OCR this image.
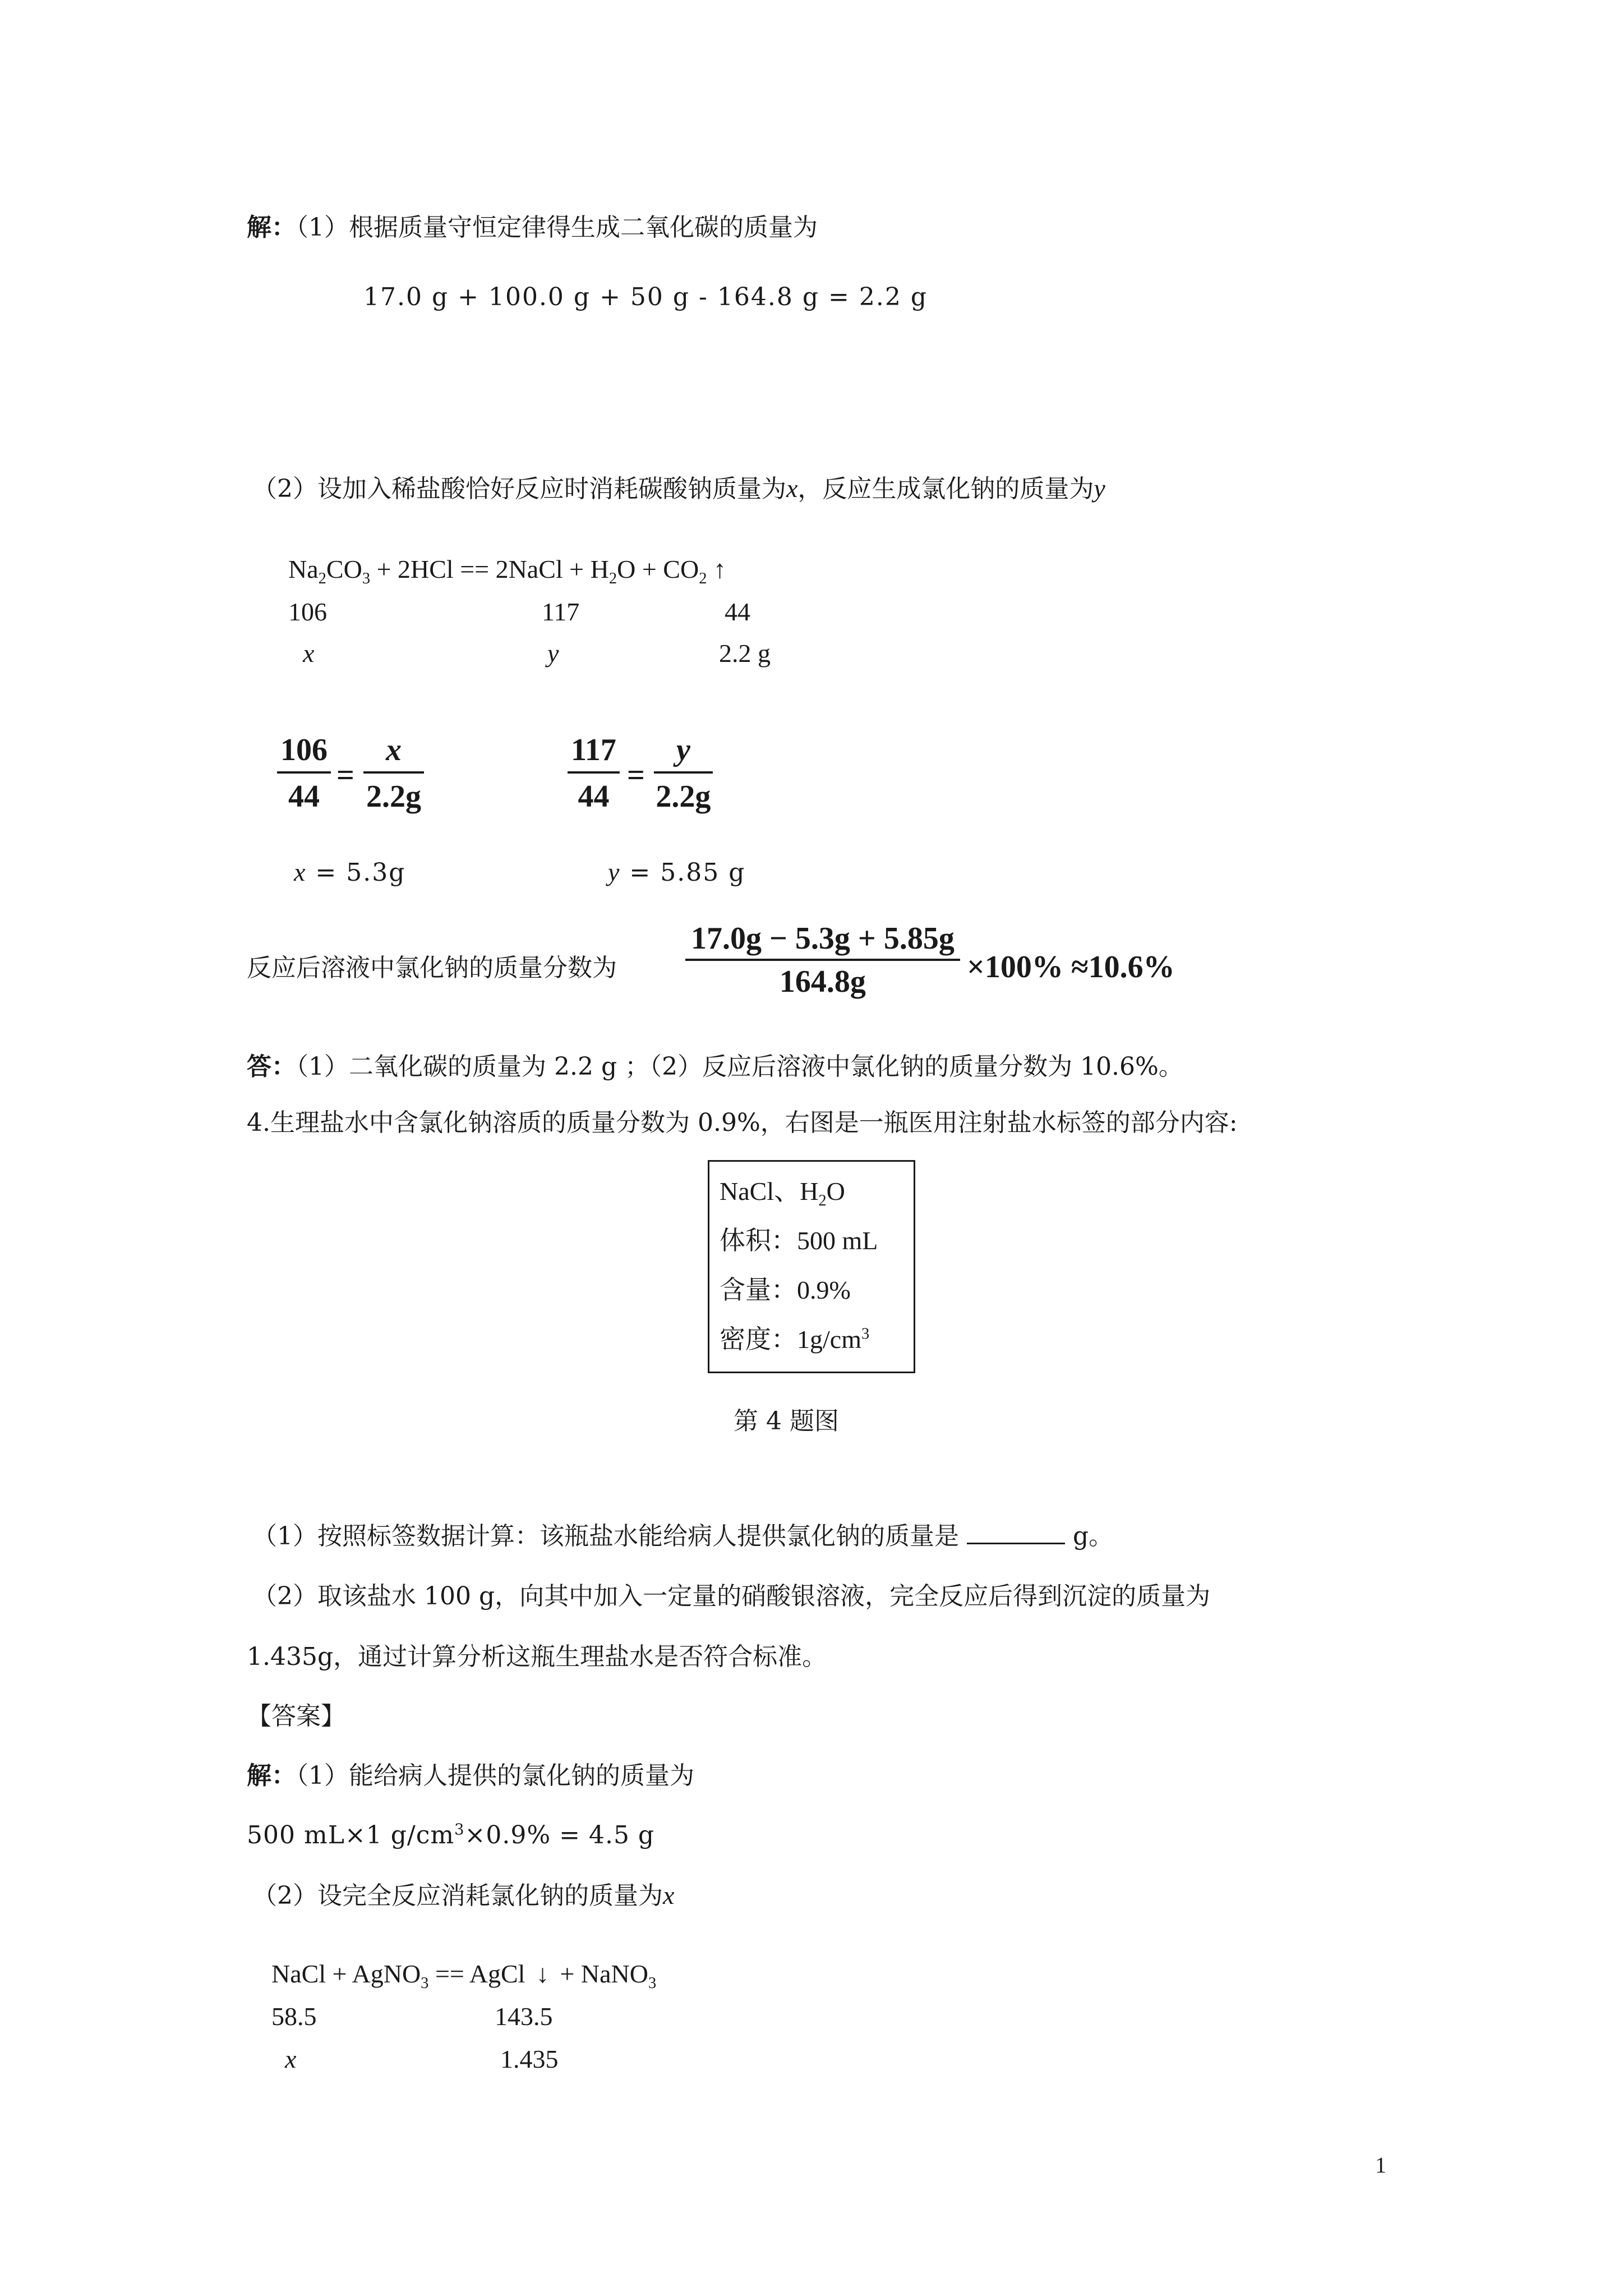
解：（1）根据质量守恒定律得生成二氧化碳的质量为
17.0 g + 100.0 g + 50 g - 164.8 g = 2.2 g
（2）设加入稀盐酸恰好反应时消耗碳酸钠质量为x，反应生成氯化钠的质量为y
$Na_2CO_3 + 2HCl$ == 2NaCl + $H_2O + CO_2$ ↑
106	117	44
x	y	2.2 g
$\frac{106}{44} = \frac{x}{2.2g}$	$\frac{117}{44} = \frac{y}{2.2g}$
x = 5.3g	y = 5.85 g
反应后溶液中氯化钠的质量分数为 $\frac{17.0g - 5.3g + 5.85g}{164.8g} \times 100\% \approx 10.6\%$
答：（1）二氧化碳的质量为 2.2 g ；（2）反应后溶液中氯化钠的质量分数为 10.6%。
4.生理盐水中含氯化钠溶质的质量分数为 0.9%，右图是一瓶医用注射盐水标签的部分内容:
NaCl、$H_2O$
体积：500 mL
含量：0.9%
密度：$1g/cm^3$
第 4 题图
（1）按照标签数据计算：该瓶盐水能给病人提供氯化钠的质量是	g。
（2）取该盐水 100 g，向其中加入一定量的硝酸银溶液，完全反应后得到沉淀的质量为
1.435g，通过计算分析这瓶生理盐水是否符合标准。
【答案】
解：（1）能给病人提供的氯化钠的质量为
500 mL×1 $g/cm^3\times 0.9\% = 4.5$ g
（2）设完全反应消耗氯化钠的质量为x
NaCl + AgNO$_3$ == AgCl ↓ + NaNO$_3$
58.5	143.5
x	1.435
1
